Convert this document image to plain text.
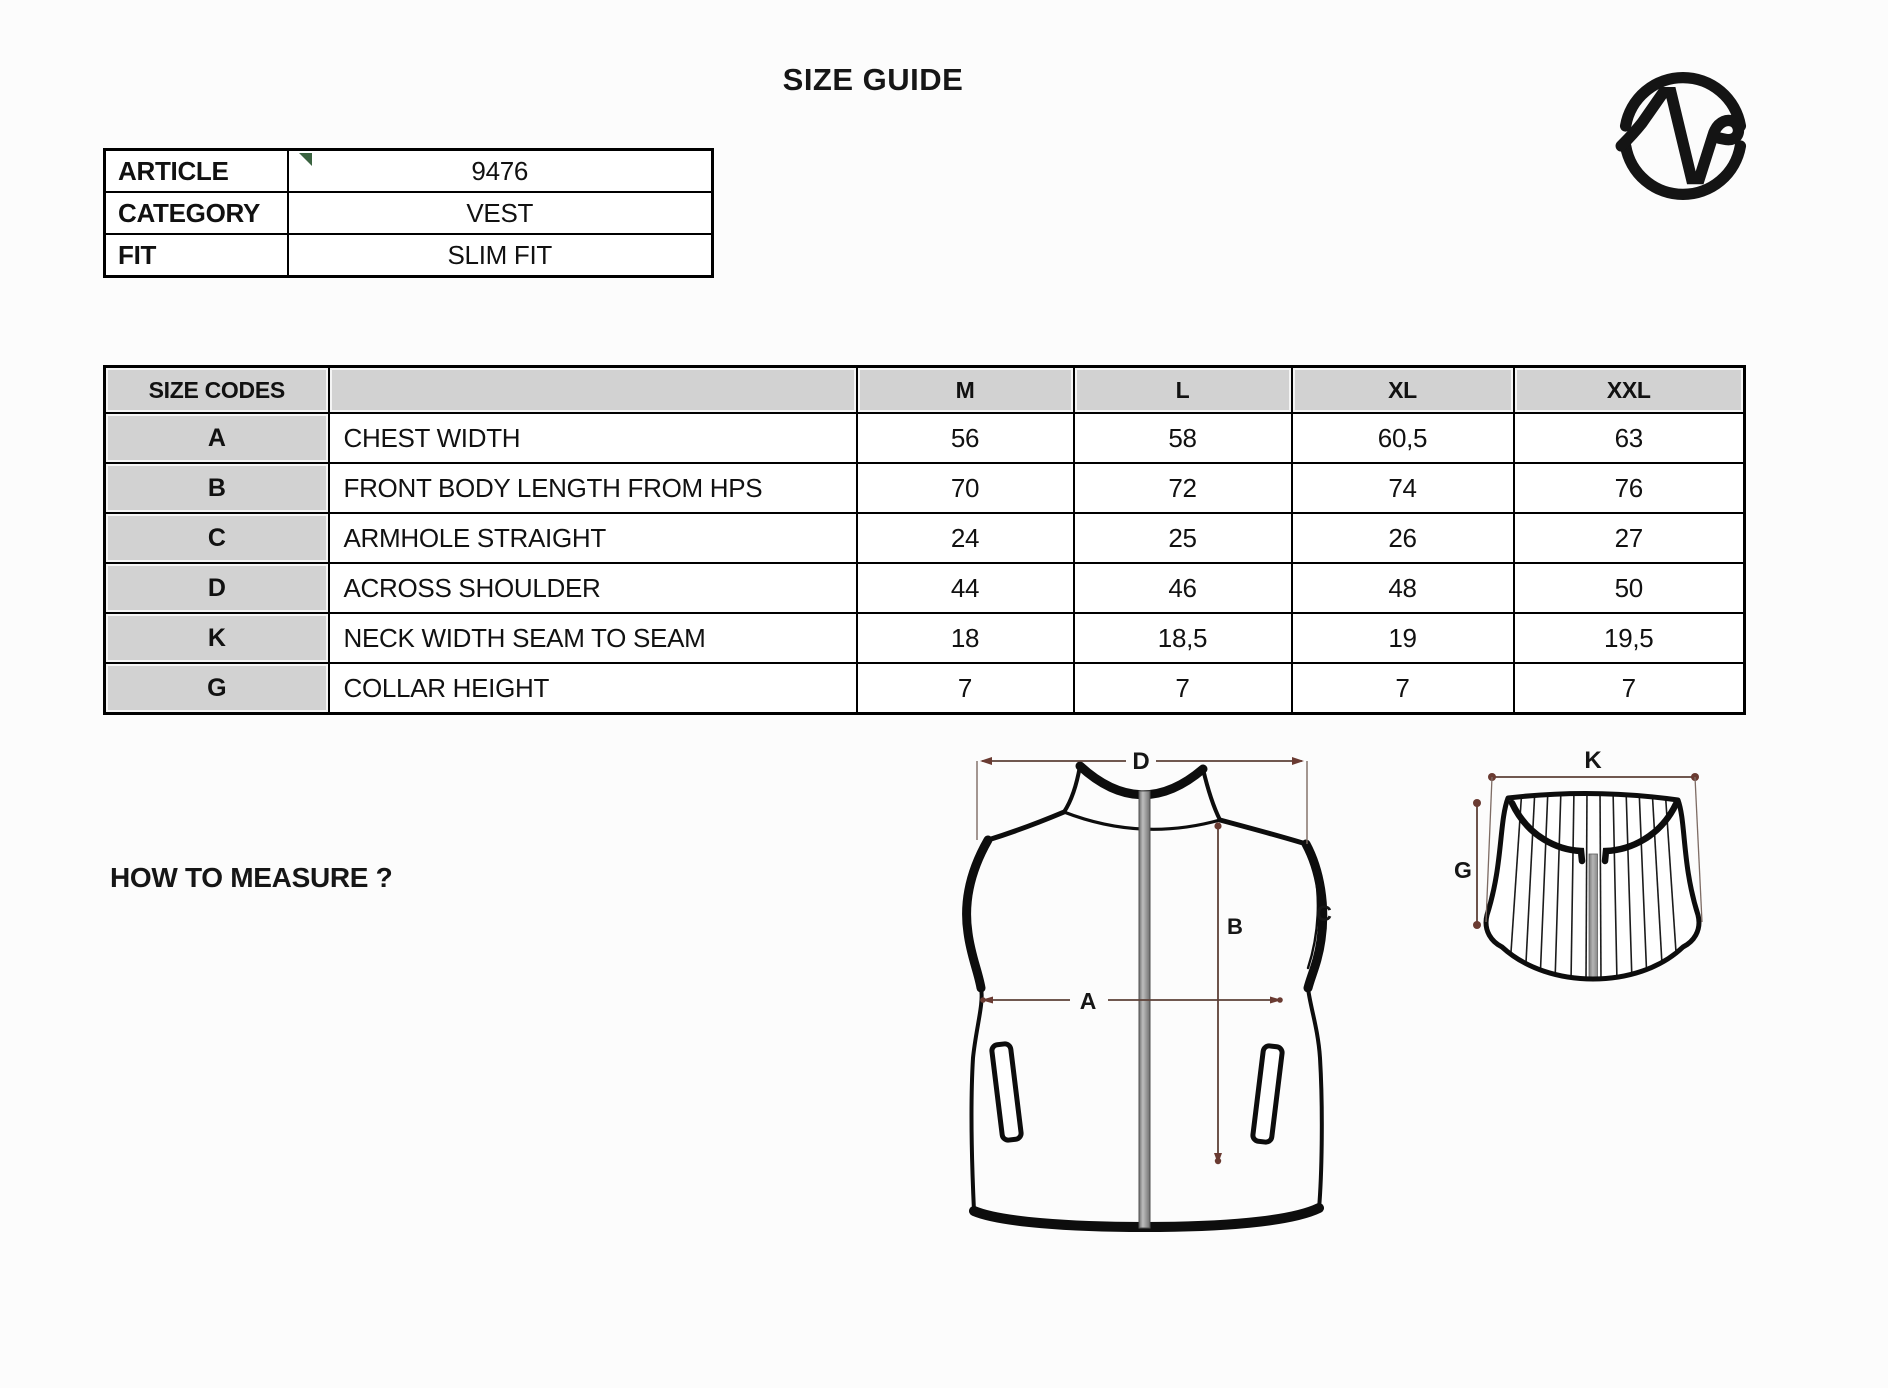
SIZE GUIDE
ARTICLE	9476
CATEGORY	VEST
FIT	SLIM FIT
SIZE CODES		M	L	XL	XXL
A	CHEST WIDTH	56	58	60,5	63
B	FRONT BODY LENGTH FROM HPS	70	72	74	76
C	ARMHOLE STRAIGHT	24	25	26	27
D	ACROSS SHOULDER	44	46	48	50
K	NECK WIDTH SEAM TO SEAM	18	18,5	19	19,5
G	COLLAR HEIGHT	7	7	7	7
HOW TO MEASURE ?
D
B
C
A
K
G
